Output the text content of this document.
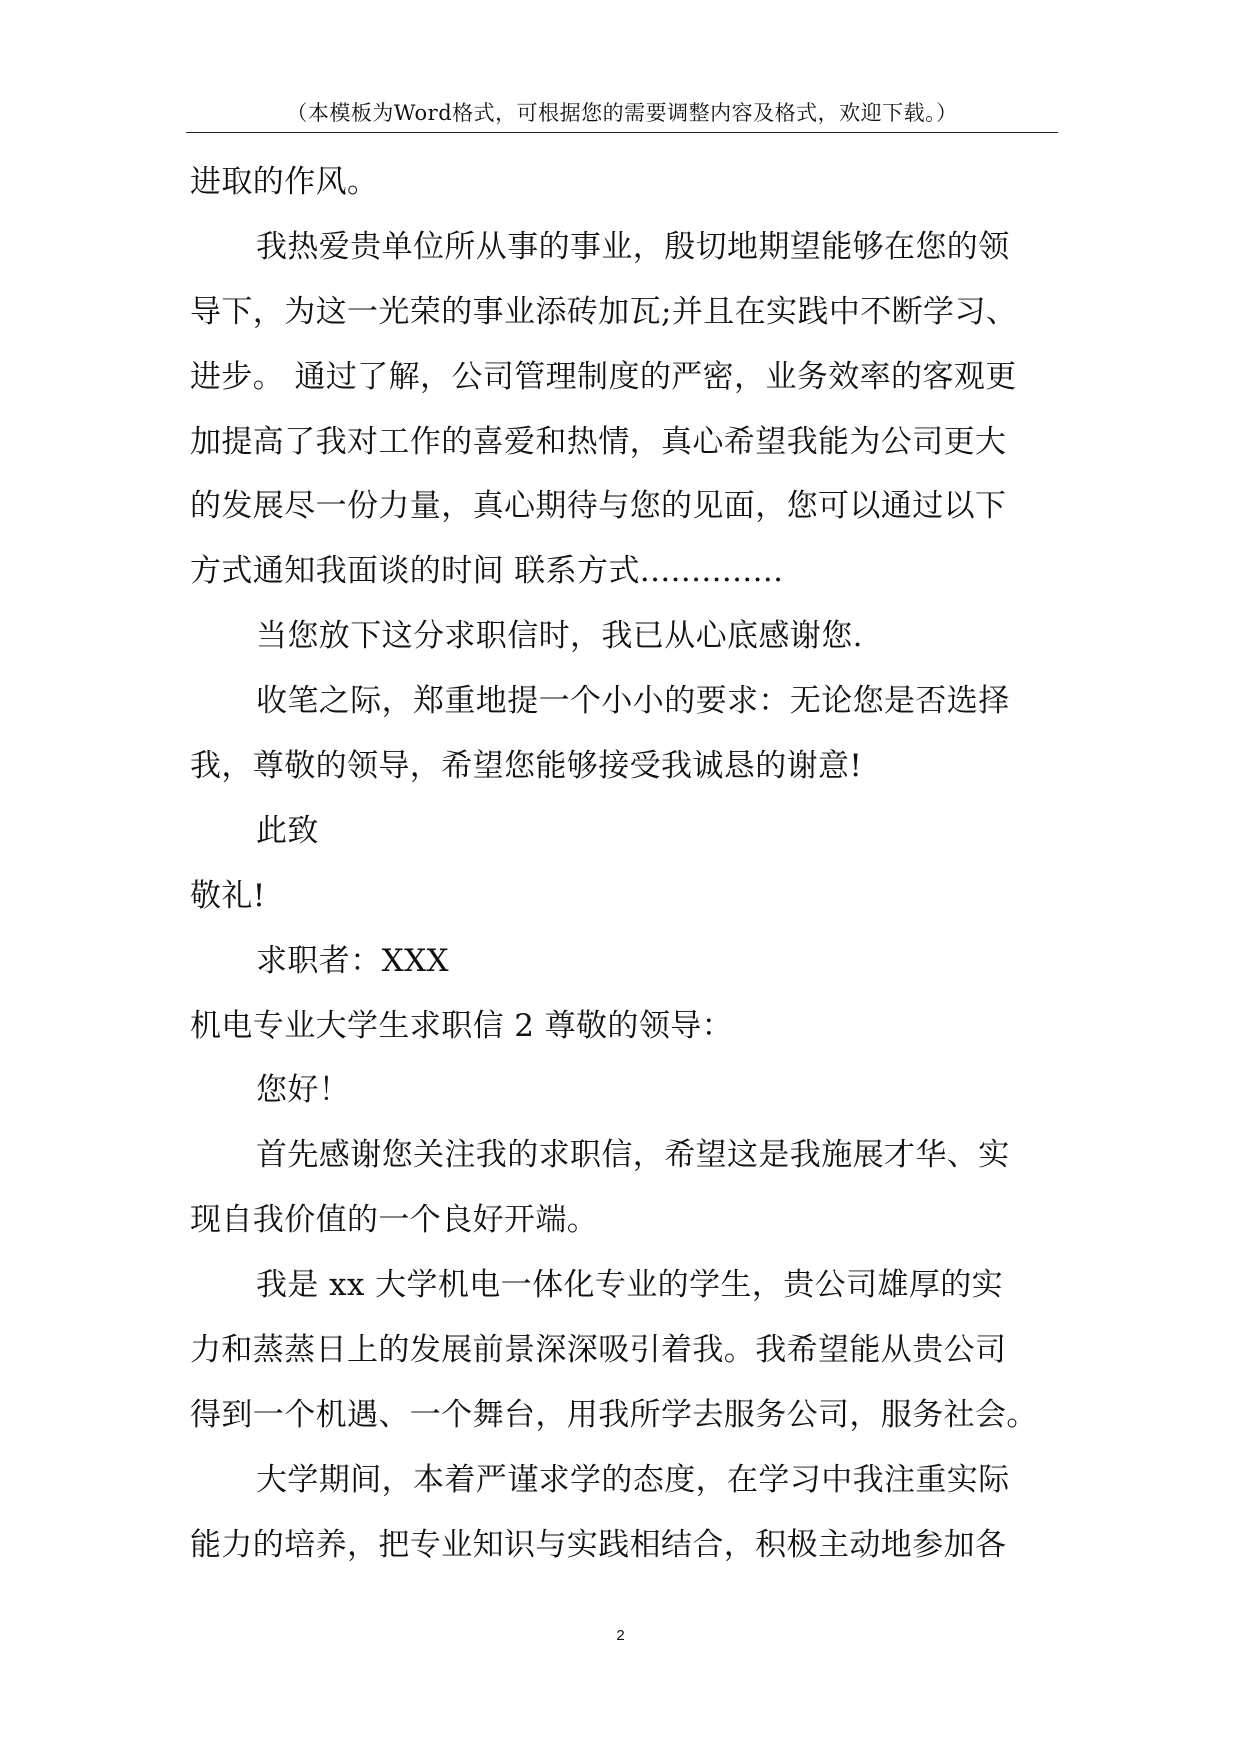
（本模板为Word格式，可根据您的需要调整内容及格式，欢迎下载。）
进取的作风。
我热爱贵单位所从事的事业，殷切地期望能够在您的领
导下，为这一光荣的事业添砖加瓦;并且在实践中不断学习、
进步。 通过了解，公司管理制度的严密，业务效率的客观更
加提高了我对工作的喜爱和热情，真心希望我能为公司更大
的发展尽一份力量，真心期待与您的见面，您可以通过以下
方式通知我面谈的时间 联系方式..............
当您放下这分求职信时，我已从心底感谢您.
收笔之际，郑重地提一个小小的要求：无论您是否选择
我，尊敬的领导，希望您能够接受我诚恳的谢意!
此致
敬礼!
求职者：XXX
机电专业大学生求职信 2 尊敬的领导：
您好！
首先感谢您关注我的求职信，希望这是我施展才华、实
现自我价值的一个良好开端。
我是 xx 大学机电一体化专业的学生，贵公司雄厚的实
力和蒸蒸日上的发展前景深深吸引着我。我希望能从贵公司
得到一个机遇、一个舞台，用我所学去服务公司，服务社会。
大学期间，本着严谨求学的态度，在学习中我注重实际
能力的培养，把专业知识与实践相结合，积极主动地参加各
2
